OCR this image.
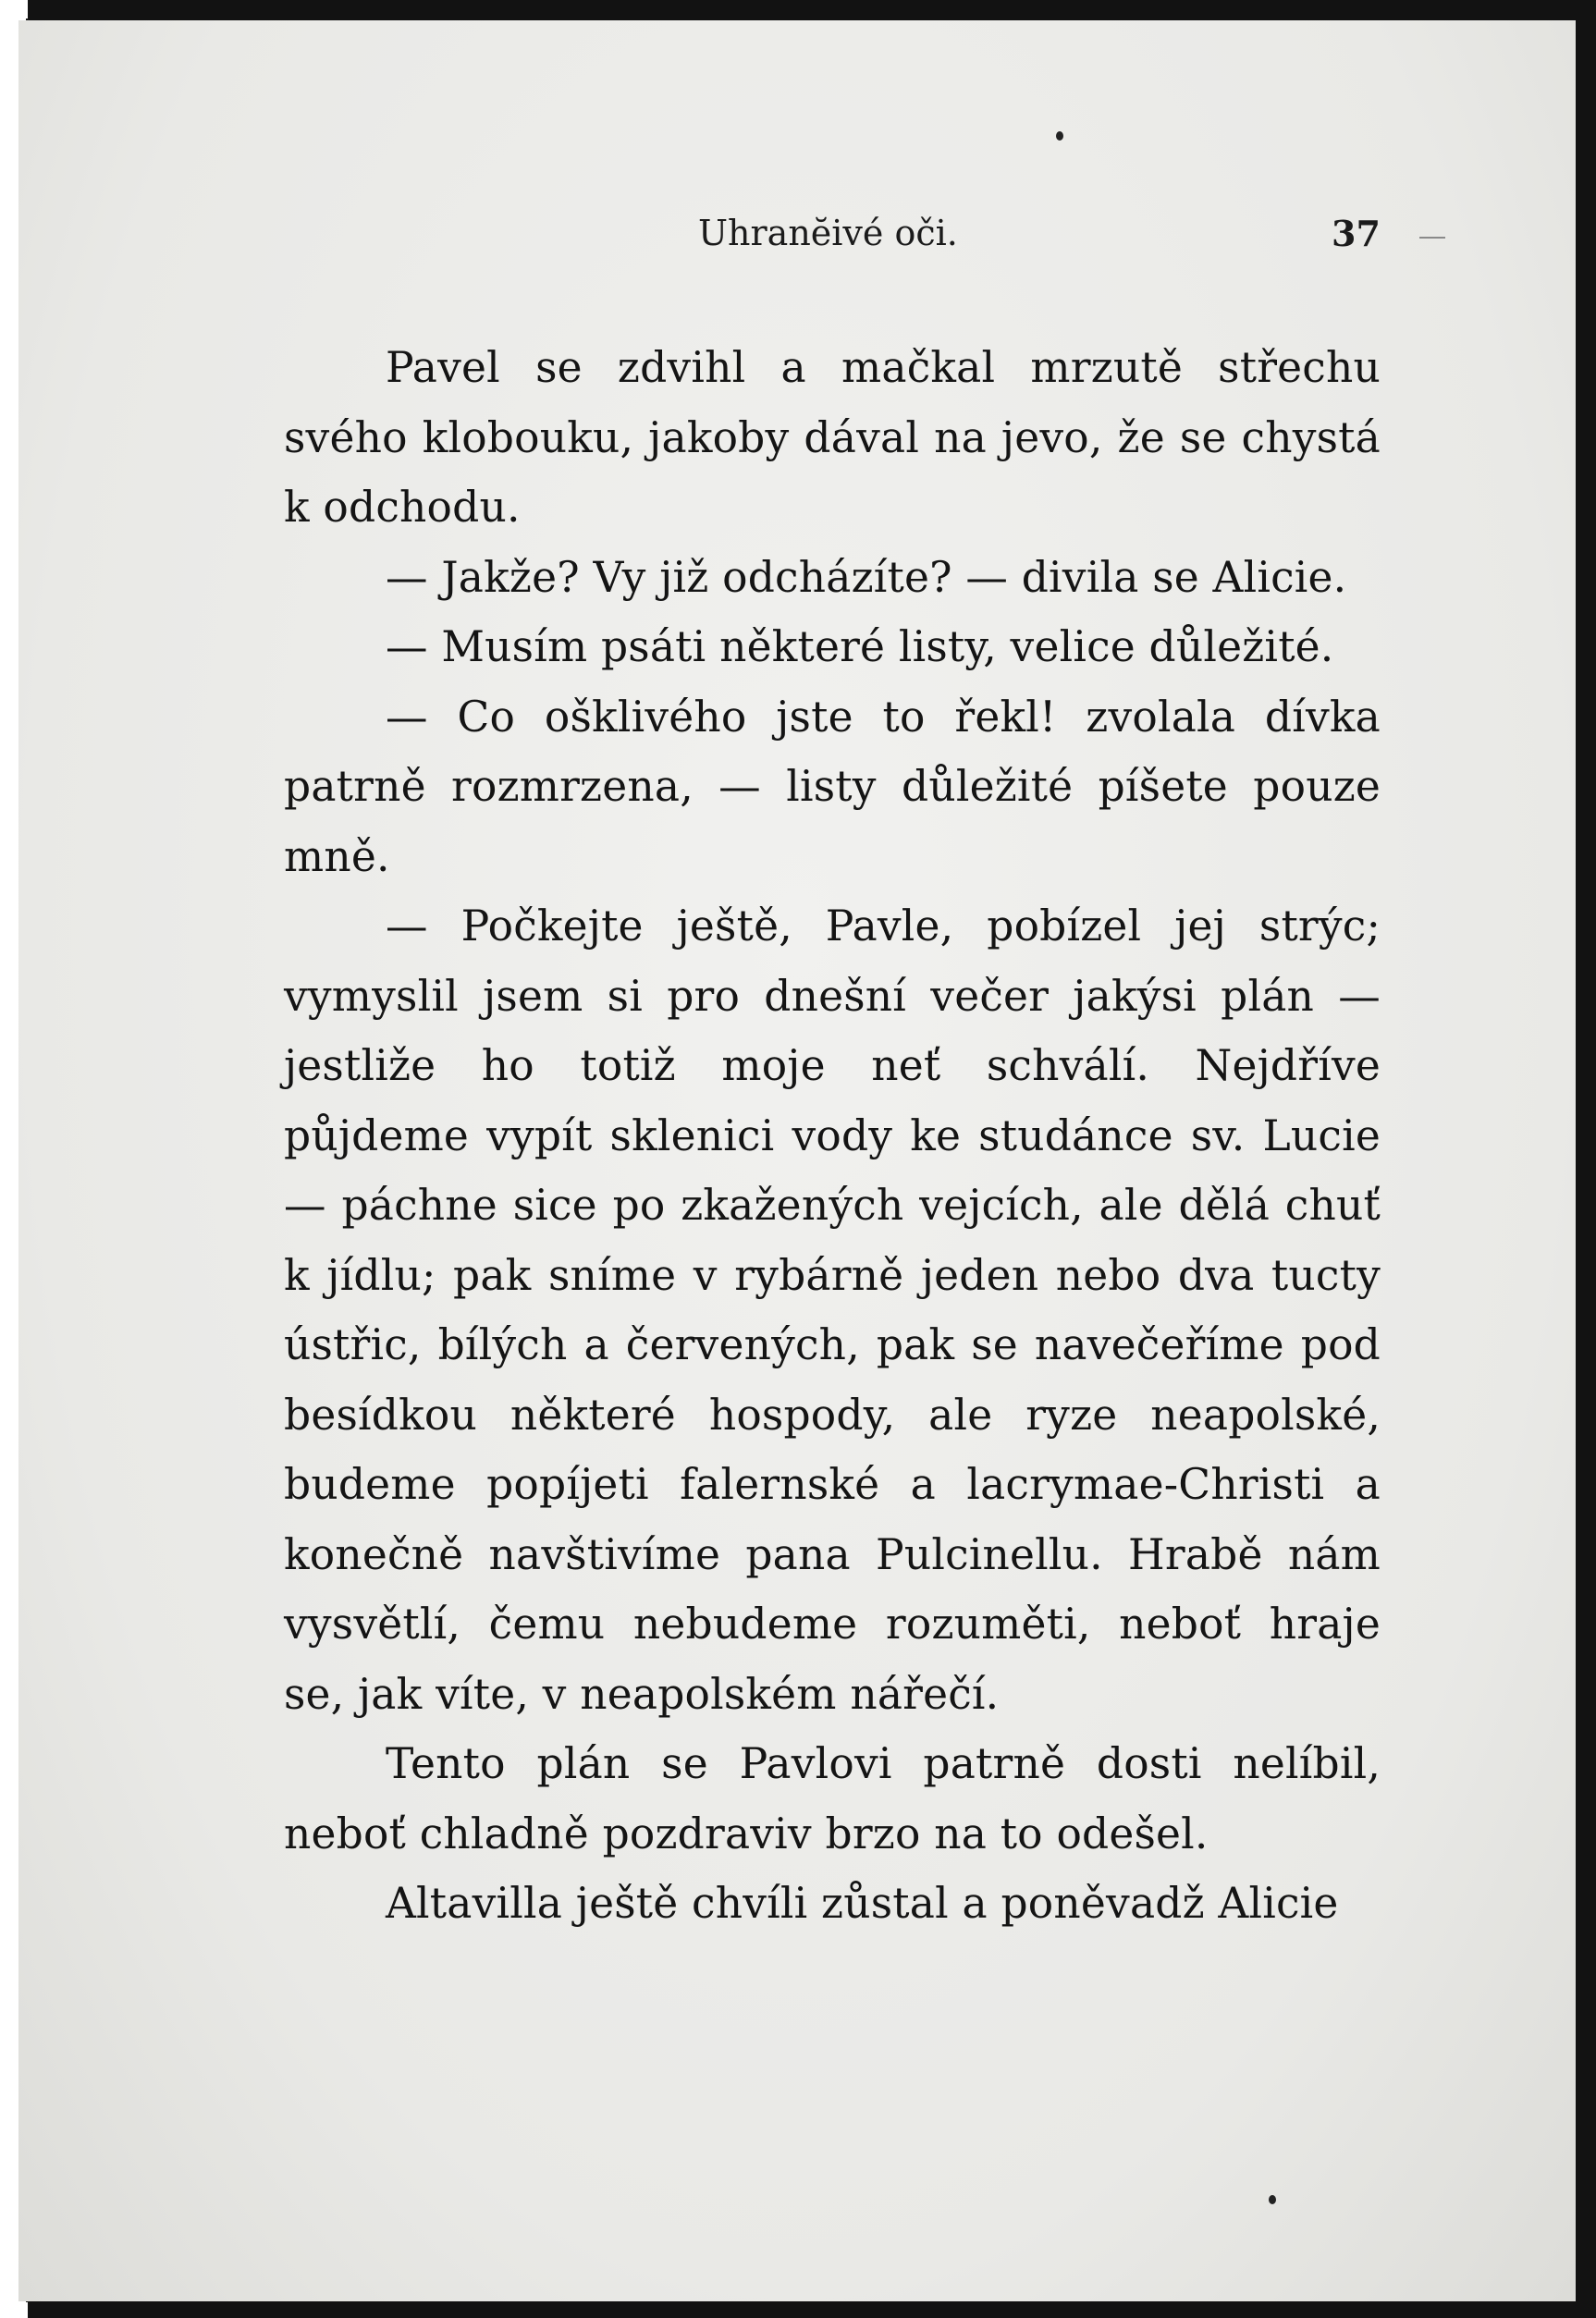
Uhranĕivé oči.	37

Pavel se zdvihl a mačkal mrzutě střechu svého klobouku, jakoby dával na jevo, že se chystá k odchodu.

— Jakže? Vy již odcházíte? — divila se Alicie.

— Musím psáti některé listy, velice důležité.

— Co ošklivého jste to řekl! zvolala dívka patrně rozmrzena, — listy důležité píšete pouze mně.

— Počkejte ještě, Pavle, pobízel jej strýc; vymyslil jsem si pro dnešní večer jakýsi plán — jestliže ho totiž moje neť schválí. Nejdříve půjdeme vypít sklenici vody ke studánce sv. Lucie — páchne sice po zkažených vejcích, ale dělá chuť k jídlu; pak sníme v rybárně jeden nebo dva tucty ústřic, bílých a červených, pak se navečeříme pod besídkou některé hospody, ale ryze neapolské, budeme popíjeti falernské a lacrymae-Christi a konečně navštivíme pana Pulcinellu. Hrabě nám vysvětlí, čemu nebudeme rozuměti, neboť hraje se, jak víte, v neapolském nářečí.

Tento plán se Pavlovi patrně dosti nelíbil, neboť chladně pozdraviv brzo na to odešel.

Altavilla ještě chvíli zůstal a poněvadž Alicie
